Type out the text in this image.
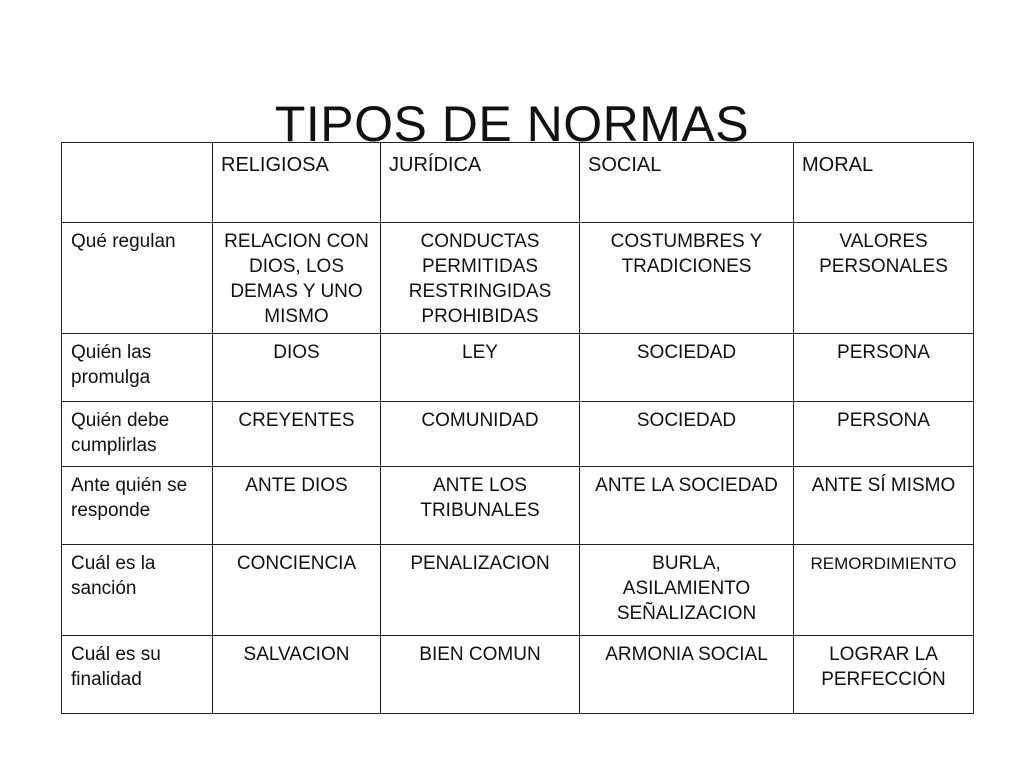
TIPOS DE NORMAS
	RELIGIOSA	JURÍDICA	SOCIAL	MORAL
Qué regulan	RELACION CON DIOS, LOS DEMAS Y UNO MISMO	CONDUCTAS PERMITIDAS RESTRINGIDAS PROHIBIDAS	COSTUMBRES Y TRADICIONES	VALORES PERSONALES
Quién las promulga	DIOS	LEY	SOCIEDAD	PERSONA
Quién debe cumplirlas	CREYENTES	COMUNIDAD	SOCIEDAD	PERSONA
Ante quién se responde	ANTE DIOS	ANTE LOS TRIBUNALES	ANTE LA SOCIEDAD	ANTE SÍ MISMO
Cuál es la sanción	CONCIENCIA	PENALIZACION	BURLA, ASILAMIENTO SEÑALIZACION	REMORDIMIENTO
Cuál es su finalidad	SALVACION	BIEN COMUN	ARMONIA SOCIAL	LOGRAR LA PERFECCIÓN
